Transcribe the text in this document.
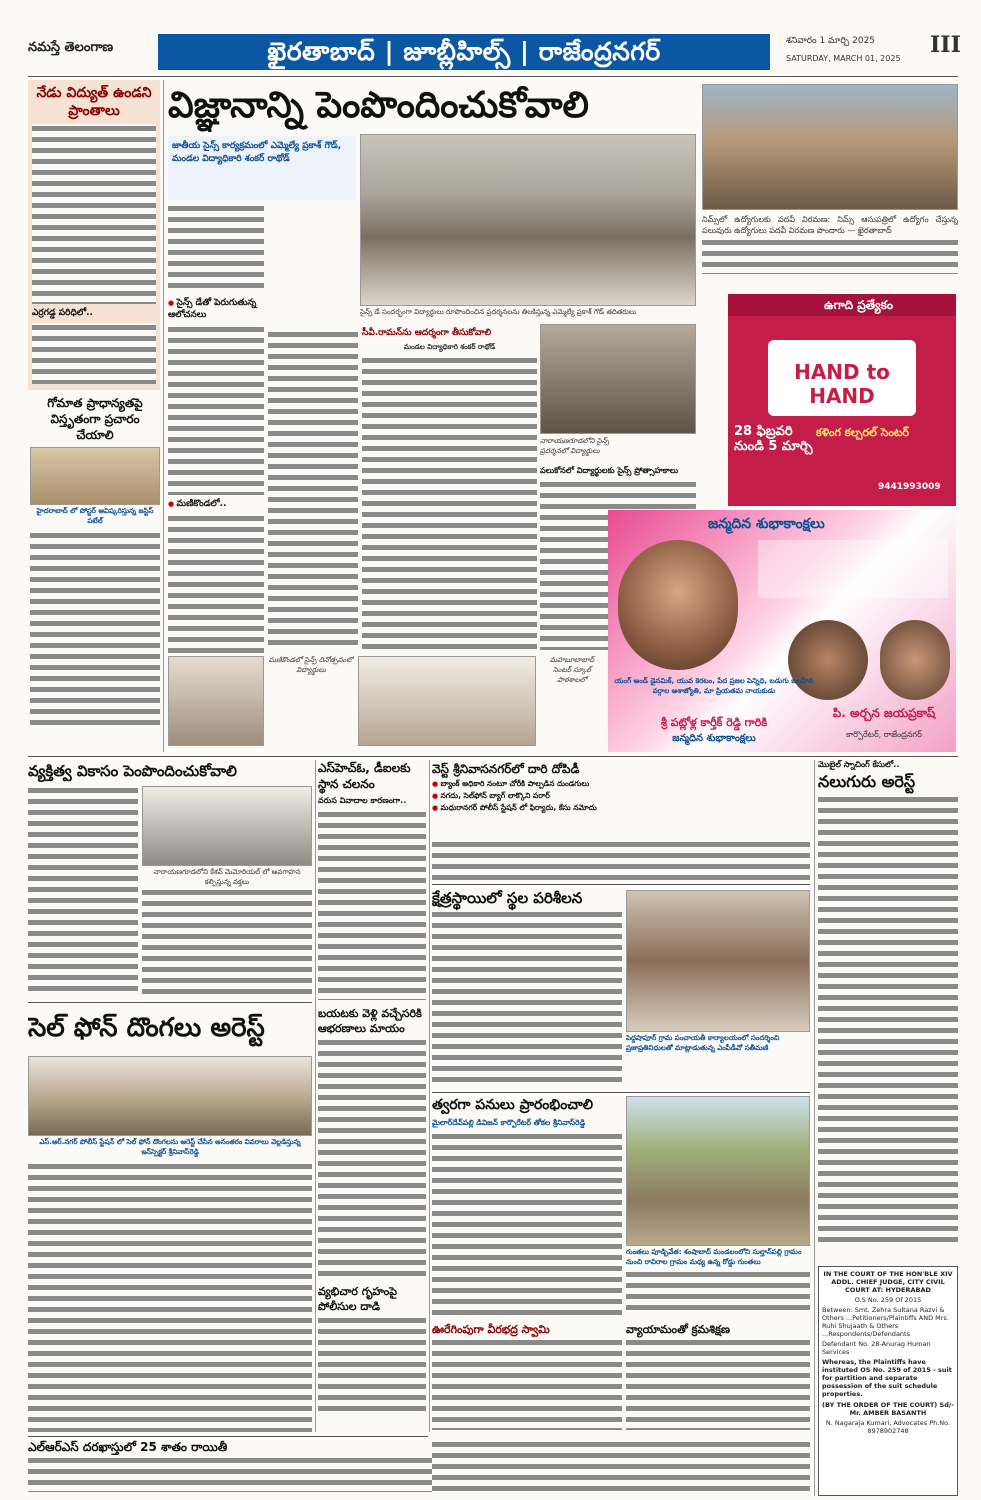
నమస్తే తెలంగాణ	ఖైరతాబాద్ | జూబ్లీహిల్స్ | రాజేంద్రనగర్	శనివారం 1 మార్చి 2025
SATURDAY, MARCH 01, 2025
III
నేడు విద్యుత్ ఉండని ప్రాంతాలు
ఎర్రగడ్డ పరిధిలో..
గోమాత ప్రాధాన్యతపై విస్తృతంగా ప్రచారం చేయాలి
హైదరాబాద్ లో పోస్టర్ ఆవిష్కరిస్తున్న జస్టిస్ పటేల్
విజ్ఞానాన్ని పెంపొందించుకోవాలి
జాతీయ సైన్స్ కార్యక్రమంలో ఎమ్మెల్యే ప్రకాశ్ గౌడ్, మండల విద్యాధికారి శంకర్ రాథోడ్
● సైన్స్ డేతో పెరుగుతున్న ఆలోచనలు
● మణికొండలో..
●
సైన్స్ డే సందర్భంగా విద్యార్థులు రూపొందించిన ప్రదర్శనలను తిలకిస్తున్న ఎమ్మెల్యే ప్రకాశ్ గౌడ్ తదితరులు
సీవీ.రామన్‌ను ఆదర్శంగా తీసుకోవాలి
మండల విద్యాధికారి శంకర్ రాథోడ్
నారాయణగూడలోని సైన్స్ ప్రదర్శనలో విద్యార్థులు
పలుకోనలో విద్యార్థులకు సైన్స్ ప్రోత్సాహకాలు
మణికొండలో సైన్స్ దినోత్సవంలో విద్యార్థులు
మహబూబాబాద్ సెంటర్ స్కూల్ పాఠశాలలో
నిమ్స్‌లో ఉద్యోగులకు పదవీ విరమణ: నిమ్స్ ఆసుపత్రిలో ఉద్యోగం చేస్తున్న పలువురు ఉద్యోగులు పదవీ విరమణ పొందారు — ఖైరతాబాద్
ఉగాది ప్రత్యేకం
HAND to HAND
28 ఫిబ్రవరి నుండి 5 మార్చి
కళింగ కల్చరల్ సెంటర్
9441993009
జన్మదిన శుభాకాంక్షలు
యంగ్ అండ్ డైనమిక్, యువ కెరటం, పేద ప్రజల పెన్నిధి, బడుగు బలహీన వర్గాల ఆశాజ్యోతి, మా ప్రియతమ నాయకుడు
శ్రీ పట్లోళ్ల కార్తీక్ రెడ్డి గారికి
జన్మదిన శుభాకాంక్షలు
పి. అర్చన జయప్రకాష్
కార్పొరేటర్, రాజేంద్రనగర్
వ్యక్తిత్వ వికాసం పెంపొందించుకోవాలి
నారాయణగూడలోని కేశవ్ మెమోరియల్ లో అవగాహన కల్పిస్తున్న వక్తలు
సెల్ ఫోన్ దొంగలు అరెస్ట్
ఎస్.ఆర్.నగర్ పోలీస్ స్టేషన్ లో సెల్ ఫోన్ దొంగలను అరెస్ట్ చేసిన అనంతరం వివరాలు వెల్లడిస్తున్న ఇన్‌స్పెక్టర్ శ్రీనివాస్‌రెడ్డి
ఎల్ఆర్ఎస్ దరఖాస్తులో 25 శాతం రాయితీ
ఎస్‌హెచ్ఓ, డీఐలకు స్థాన చలనం
వరుస వివాదాల కారణంగా..
బయటకు వెళ్లి వచ్చేసరికి ఆభరణాలు మాయం
వ్యభిచార గృహంపై పోలీసుల దాడి
వెస్ట్ శ్రీనివాసనగర్‌లో దారి దోపిడీ
● బ్యాంక్ అధికారి నంటూ చోరీకి పాల్పడిన దుండగులు
● నగదు, సెల్‌ఫోన్ బ్యాగ్ లాక్కొని పరార్
● మధురానగర్ పోలీస్ స్టేషన్ లో ఫిర్యాదు, కేసు నమోదు
క్షేత్రస్థాయిలో స్థల పరిశీలన
పెద్దషాపూర్ గ్రామ పంచాయతీ కార్యాలయంలో సందర్శించి ప్రజాప్రతినిధులతో మాట్లాడుతున్న ఎంపీడీవో సతీమణి
త్వరగా పనులు ప్రారంభించాలి
మైలార్‌దేవ్‌పల్లి డివిజన్ కార్పొరేటర్ తోకల శ్రీనివాస్‌రెడ్డి
గుంతలు పూడ్చివేత: శంషాబాద్ మండలంలోని సుల్తాన్‌పల్లి గ్రామం నుంచి రావిరాల గ్రామం మధ్య ఉన్న రోడ్డు గుంతలు
ఊరేగింపుగా వీరభద్ర స్వామి	వ్యాయామంతో క్రమశిక్షణ
మొబైల్ స్నాచింగ్ కేసులో..
నలుగురు అరెస్ట్
IN THE COURT OF THE HON'BLE XIV ADDL. CHIEF JUDGE, CITY CIVIL COURT AT: HYDERABAD
O.S No. 259 Of 2015
Between: Smt. Zehra Sultana Razvi & Others ...Petitioners/Plaintiffs AND Mrs. Ruhi Shujaath & Others ...Respondents/Defendants
Defendant No. 28-Anurag Human Services
Whereas, the Plaintiffs have instituted OS No. 259 of 2015 - suit for partition and separate possession of the suit schedule properties.
(BY THE ORDER OF THE COURT) Sd/- Mr. AMBER BASANTH
N. Nagaraja Kumari, Advocates Ph.No. 8978902748
